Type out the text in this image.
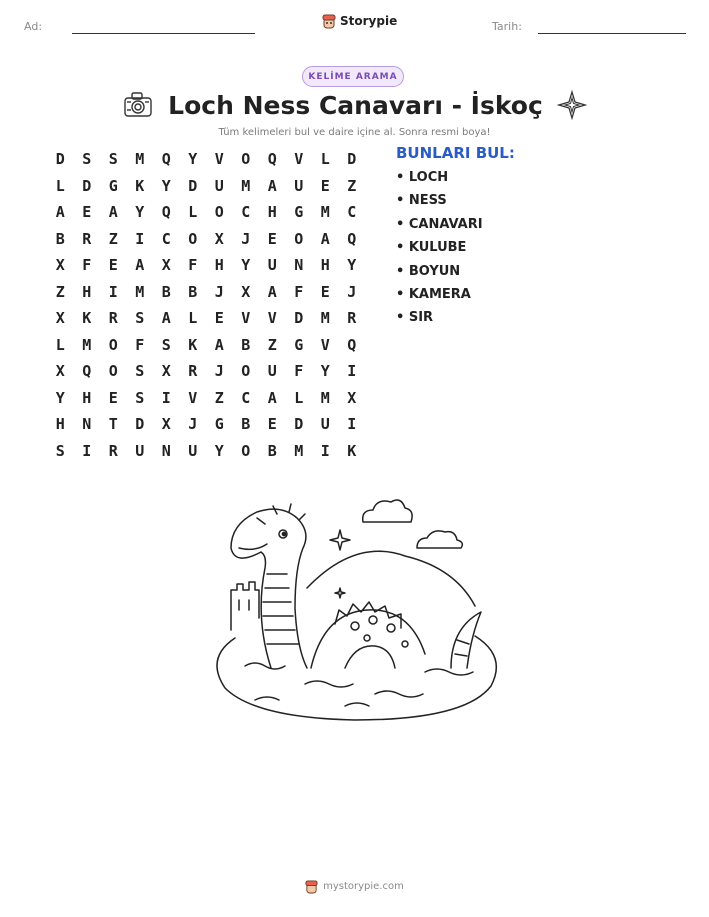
Ad:	Storypie	Tarih:
KELİME ARAMA
Loch Ness Canavarı - İskoç
Tüm kelimeleri bul ve daire içine al. Sonra resmi boya!
D	S	S	M	Q	Y	V	O	Q	V	L	D
L	D	G	K	Y	D	U	M	A	U	E	Z
A	E	A	Y	Q	L	O	C	H	G	M	C
B	R	Z	I	C	O	X	J	E	O	A	Q
X	F	E	A	X	F	H	Y	U	N	H	Y
Z	H	I	M	B	B	J	X	A	F	E	J
X	K	R	S	A	L	E	V	V	D	M	R
L	M	O	F	S	K	A	B	Z	G	V	Q
X	Q	O	S	X	R	J	O	U	F	Y	I
Y	H	E	S	I	V	Z	C	A	L	M	X
H	N	T	D	X	J	G	B	E	D	U	I
S	I	R	U	N	U	Y	O	B	M	I	K
BUNLARI BUL:
• LOCH
• NESS
• CANAVARI
• KULUBE
• BOYUN
• KAMERA
• SIR
mystorypie.com
